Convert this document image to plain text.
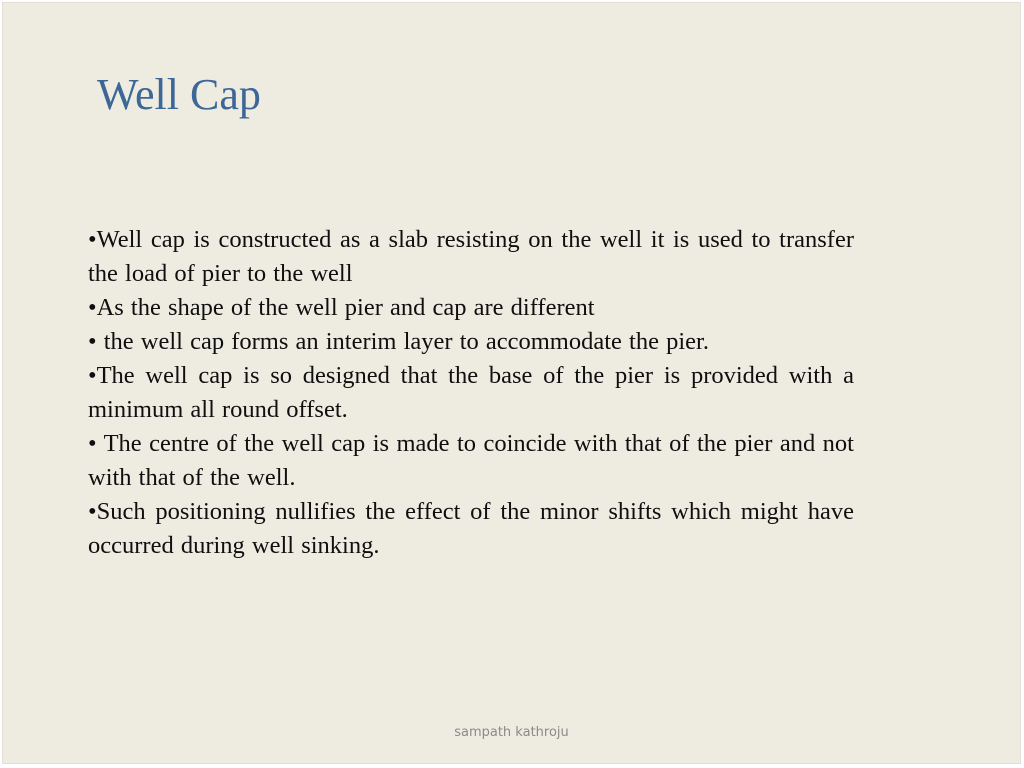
Well Cap

•Well cap is constructed as a slab resisting on the well it is used to transfer the load of pier to the well

•As the shape of the well pier and cap are different

• the well cap forms an interim layer to accommodate the pier.

•The well cap is so designed that the base of the pier is provided with a minimum all round offset.

• The centre of the well cap is made to coincide with that of the pier and not with that of the well.

•Such positioning nullifies the effect of the minor shifts which might have occurred during well sinking.

sampath kathroju
